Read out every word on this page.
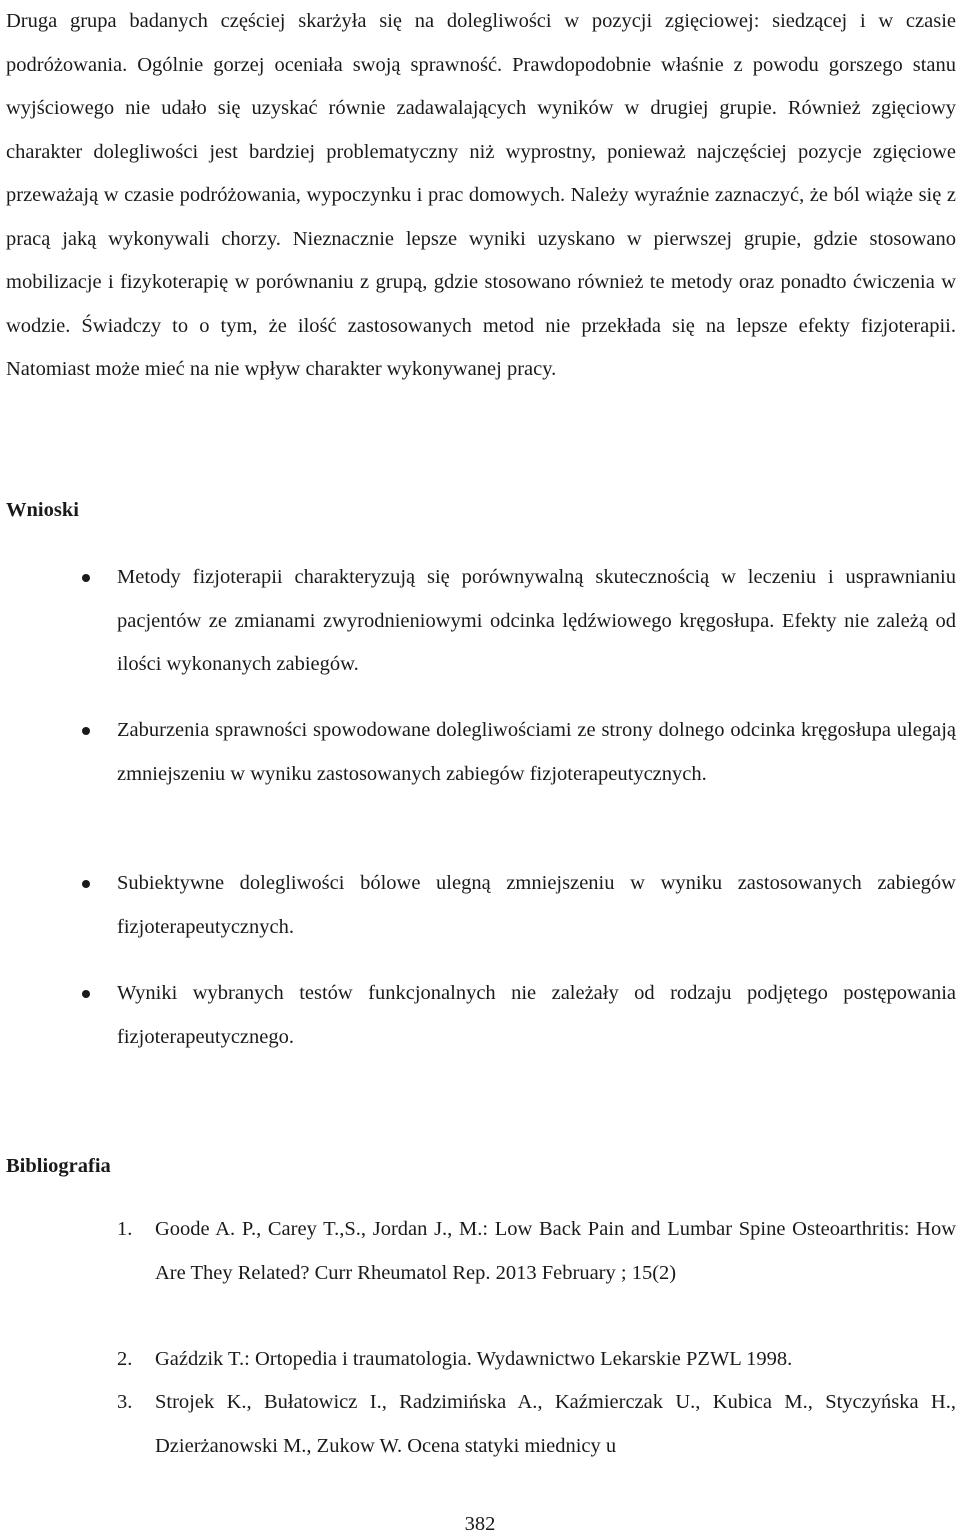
Druga grupa badanych częściej skarżyła się na dolegliwości w pozycji zgięciowej: siedzącej i w czasie podróżowania. Ogólnie gorzej oceniała swoją sprawność. Prawdopodobnie właśnie z powodu gorszego stanu wyjściowego nie udało się uzyskać równie zadawalających wyników w drugiej grupie. Również zgięciowy charakter dolegliwości jest bardziej problematyczny niż wyprostny, ponieważ najczęściej pozycje zgięciowe przeważają w czasie podróżowania, wypoczynku i prac domowych. Należy wyraźnie zaznaczyć, że ból wiąże się z pracą jaką wykonywali chorzy. Nieznacznie lepsze wyniki uzyskano w pierwszej grupie, gdzie stosowano mobilizacje i fizykoterapię w porównaniu z grupą, gdzie stosowano również te metody oraz ponadto ćwiczenia w wodzie. Świadczy to o tym, że ilość zastosowanych metod nie przekłada się na lepsze efekty fizjoterapii. Natomiast może mieć na nie wpływ charakter wykonywanej pracy.

Wnioski

Metody fizjoterapii charakteryzują się porównywalną skutecznością w leczeniu i usprawnianiu pacjentów ze zmianami zwyrodnieniowymi odcinka lędźwiowego kręgosłupa. Efekty nie zależą od ilości wykonanych zabiegów.

Zaburzenia sprawności spowodowane dolegliwościami ze strony dolnego odcinka kręgosłupa ulegają zmniejszeniu w wyniku zastosowanych zabiegów fizjoterapeutycznych.

Subiektywne dolegliwości bólowe ulegną zmniejszeniu w wyniku zastosowanych zabiegów fizjoterapeutycznych.

Wyniki wybranych testów funkcjonalnych nie zależały od rodzaju podjętego postępowania fizjoterapeutycznego.

Bibliografia
1. Goode A. P., Carey T.,S., Jordan J., M.: Low Back Pain and Lumbar Spine Osteoarthritis: How Are They Related? Curr Rheumatol Rep. 2013 February ; 15(2)

2. Gaździk T.: Ortopedia i traumatologia. Wydawnictwo Lekarskie PZWL 1998.

3. Strojek K., Bułatowicz I., Radzimińska A., Kaźmierczak U., Kubica M., Styczyńska H., Dzierżanowski M., Zukow W. Ocena statyki miednicy u

382
